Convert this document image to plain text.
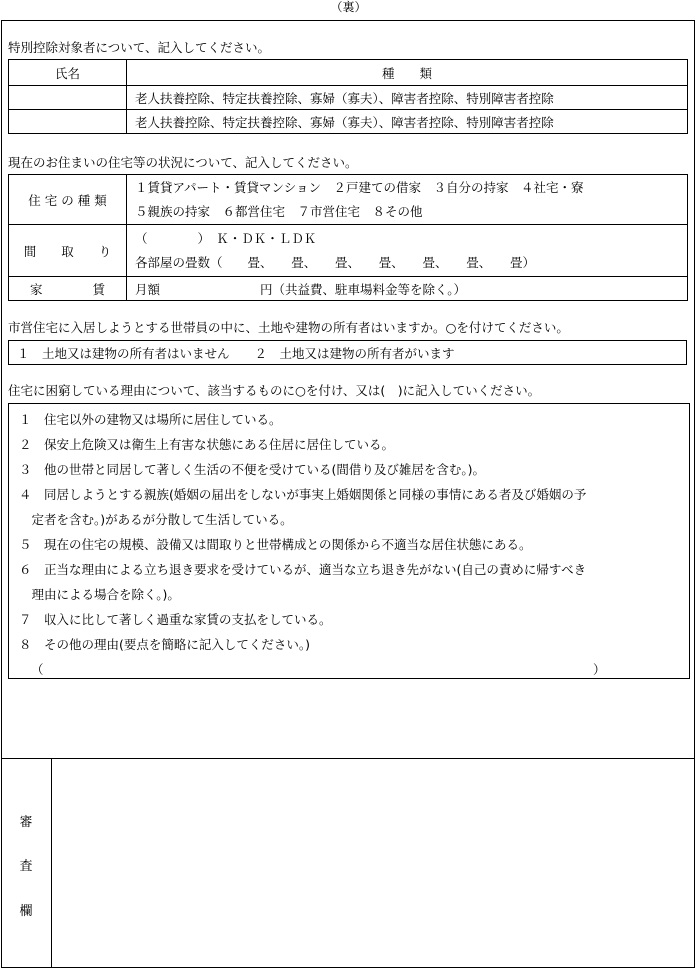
（裏）
特別控除対象者について、記入してください。
氏名	種　　類
	老人扶養控除、特定扶養控除、寡婦（寡夫）、障害者控除、特別障害者控除
	老人扶養控除、特定扶養控除、寡婦（寡夫）、障害者控除、特別障害者控除
現在のお住まいの住宅等の状況について、記入してください。
住 宅 の 種 類	１賃貸アパート・賃貸マンション　２戸建ての借家　３自分の持家　４社宅・寮
５親族の持家　６都営住宅　７市営住宅　８その他

間　　取　　り	（　　　　）　Ｋ・ＤＫ・ＬＤＫ
各部屋の畳数（　　畳、　　畳、　　畳、　　畳、　　畳、　　畳、　　畳）

家　　　　賃	月額　　　　　　　　円（共益費、駐車場料金等を除く。）
市営住宅に入居しようとする世帯員の中に、土地や建物の所有者はいますか。○を付けてください。
１　土地又は建物の所有者はいません　　２　土地又は建物の所有者がいます
住宅に困窮している理由について、該当するものに○を付け、又は(　)に記入していください。
１　住宅以外の建物又は場所に居住している。
２　保安上危険又は衛生上有害な状態にある住居に居住している。
３　他の世帯と同居して著しく生活の不便を受けている(間借り及び雑居を含む。)。
４　同居しようとする親族(婚姻の届出をしないが事実上婚姻関係と同様の事情にある者及び婚姻の予
　定者を含む。)があるが分散して生活している。
５　現在の住宅の規模、設備又は間取りと世帯構成との関係から不適当な居住状態にある。
６　正当な理由による立ち退き要求を受けているが、適当な立ち退き先がない(自己の責めに帰すべき
　理由による場合を除く。)。
７　収入に比して著しく過重な家賃の支払をしている。
８　その他の理由(要点を簡略に記入してください。)
（	）
審
査
欄
